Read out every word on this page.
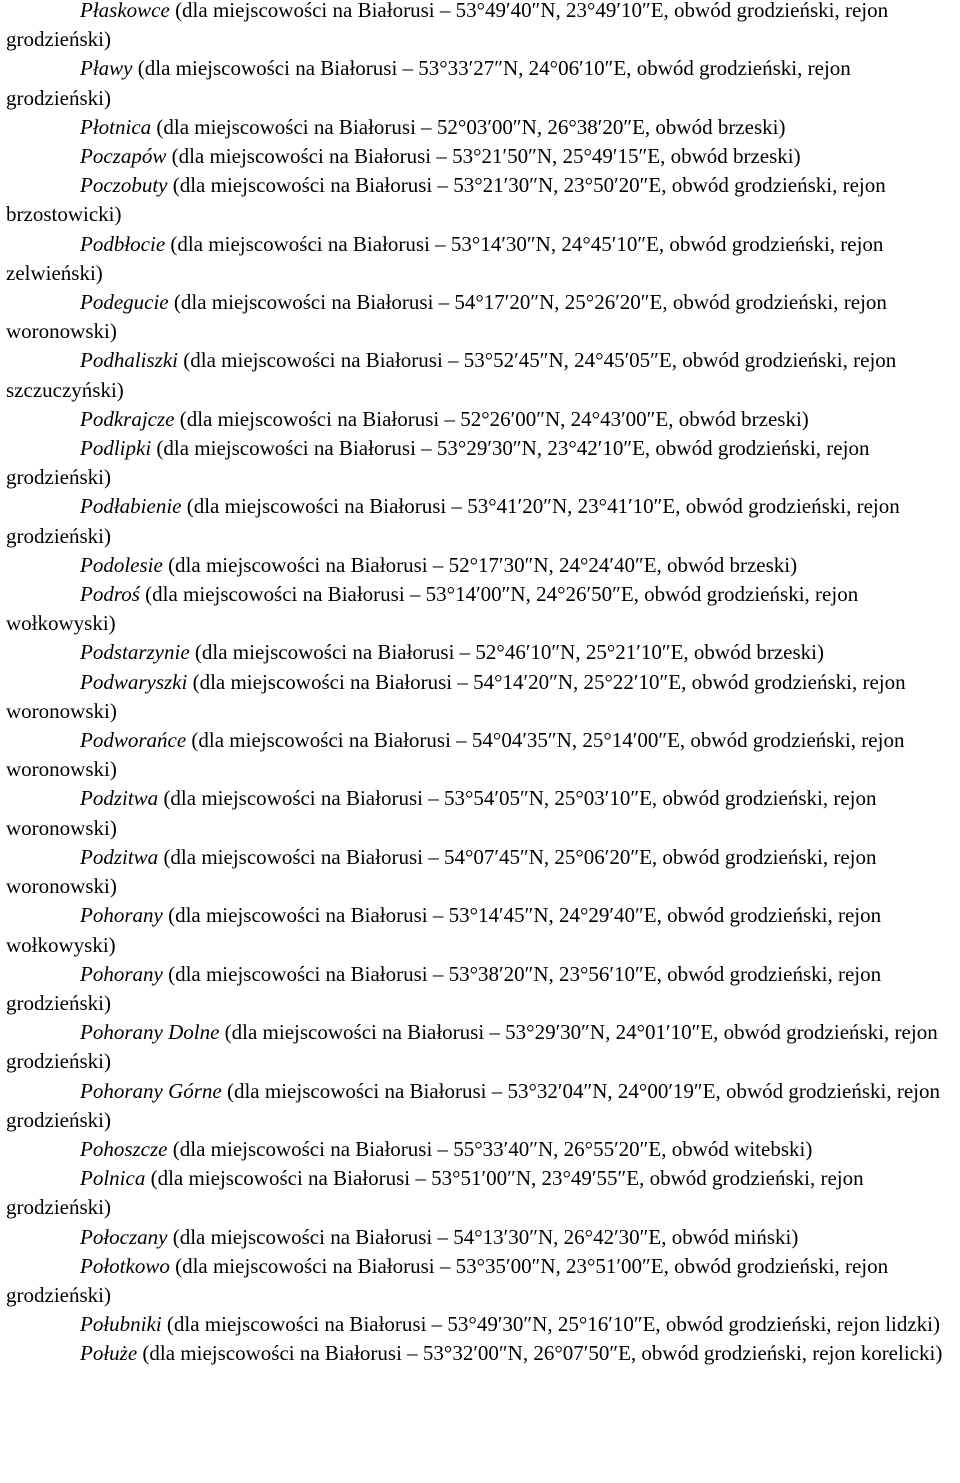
Płaskowce (dla miejscowości na Białorusi – 53°49′40″N, 23°49′10″E, obwód grodzieński, rejon grodzieński)

Pławy (dla miejscowości na Białorusi – 53°33′27″N, 24°06′10″E, obwód grodzieński, rejon grodzieński)

Płotnica (dla miejscowości na Białorusi – 52°03′00″N, 26°38′20″E, obwód brzeski)

Poczapów (dla miejscowości na Białorusi – 53°21′50″N, 25°49′15″E, obwód brzeski)

Poczobuty (dla miejscowości na Białorusi – 53°21′30″N, 23°50′20″E, obwód grodzieński, rejon brzostowicki)

Podbłocie (dla miejscowości na Białorusi – 53°14′30″N, 24°45′10″E, obwód grodzieński, rejon zelwieński)

Podegucie (dla miejscowości na Białorusi – 54°17′20″N, 25°26′20″E, obwód grodzieński, rejon woronowski)

Podhaliszki (dla miejscowości na Białorusi – 53°52′45″N, 24°45′05″E, obwód grodzieński, rejon szczuczyński)

Podkrajcze (dla miejscowości na Białorusi – 52°26′00″N, 24°43′00″E, obwód brzeski)

Podlipki (dla miejscowości na Białorusi – 53°29′30″N, 23°42′10″E, obwód grodzieński, rejon grodzieński)

Podłabienie (dla miejscowości na Białorusi – 53°41′20″N, 23°41′10″E, obwód grodzieński, rejon grodzieński)

Podolesie (dla miejscowości na Białorusi – 52°17′30″N, 24°24′40″E, obwód brzeski)

Podroś (dla miejscowości na Białorusi – 53°14′00″N, 24°26′50″E, obwód grodzieński, rejon wołkowyski)

Podstarzynie (dla miejscowości na Białorusi – 52°46′10″N, 25°21′10″E, obwód brzeski)

Podwaryszki (dla miejscowości na Białorusi – 54°14′20″N, 25°22′10″E, obwód grodzieński, rejon woronowski)

Podworańce (dla miejscowości na Białorusi – 54°04′35″N, 25°14′00″E, obwód grodzieński, rejon woronowski)

Podzitwa (dla miejscowości na Białorusi – 53°54′05″N, 25°03′10″E, obwód grodzieński, rejon woronowski)

Podzitwa (dla miejscowości na Białorusi – 54°07′45″N, 25°06′20″E, obwód grodzieński, rejon woronowski)

Pohorany (dla miejscowości na Białorusi – 53°14′45″N, 24°29′40″E, obwód grodzieński, rejon wołkowyski)

Pohorany (dla miejscowości na Białorusi – 53°38′20″N, 23°56′10″E, obwód grodzieński, rejon grodzieński)

Pohorany Dolne (dla miejscowości na Białorusi – 53°29′30″N, 24°01′10″E, obwód grodzieński, rejon grodzieński)

Pohorany Górne (dla miejscowości na Białorusi – 53°32′04″N, 24°00′19″E, obwód grodzieński, rejon grodzieński)

Pohoszcze (dla miejscowości na Białorusi – 55°33′40″N, 26°55′20″E, obwód witebski)

Polnica (dla miejscowości na Białorusi – 53°51′00″N, 23°49′55″E, obwód grodzieński, rejon grodzieński)

Połoczany (dla miejscowości na Białorusi – 54°13′30″N, 26°42′30″E, obwód miński)

Połotkowo (dla miejscowości na Białorusi – 53°35′00″N, 23°51′00″E, obwód grodzieński, rejon grodzieński)

Połubniki (dla miejscowości na Białorusi – 53°49′30″N, 25°16′10″E, obwód grodzieński, rejon lidzki)

Połuże (dla miejscowości na Białorusi – 53°32′00″N, 26°07′50″E, obwód grodzieński, rejon korelicki)
